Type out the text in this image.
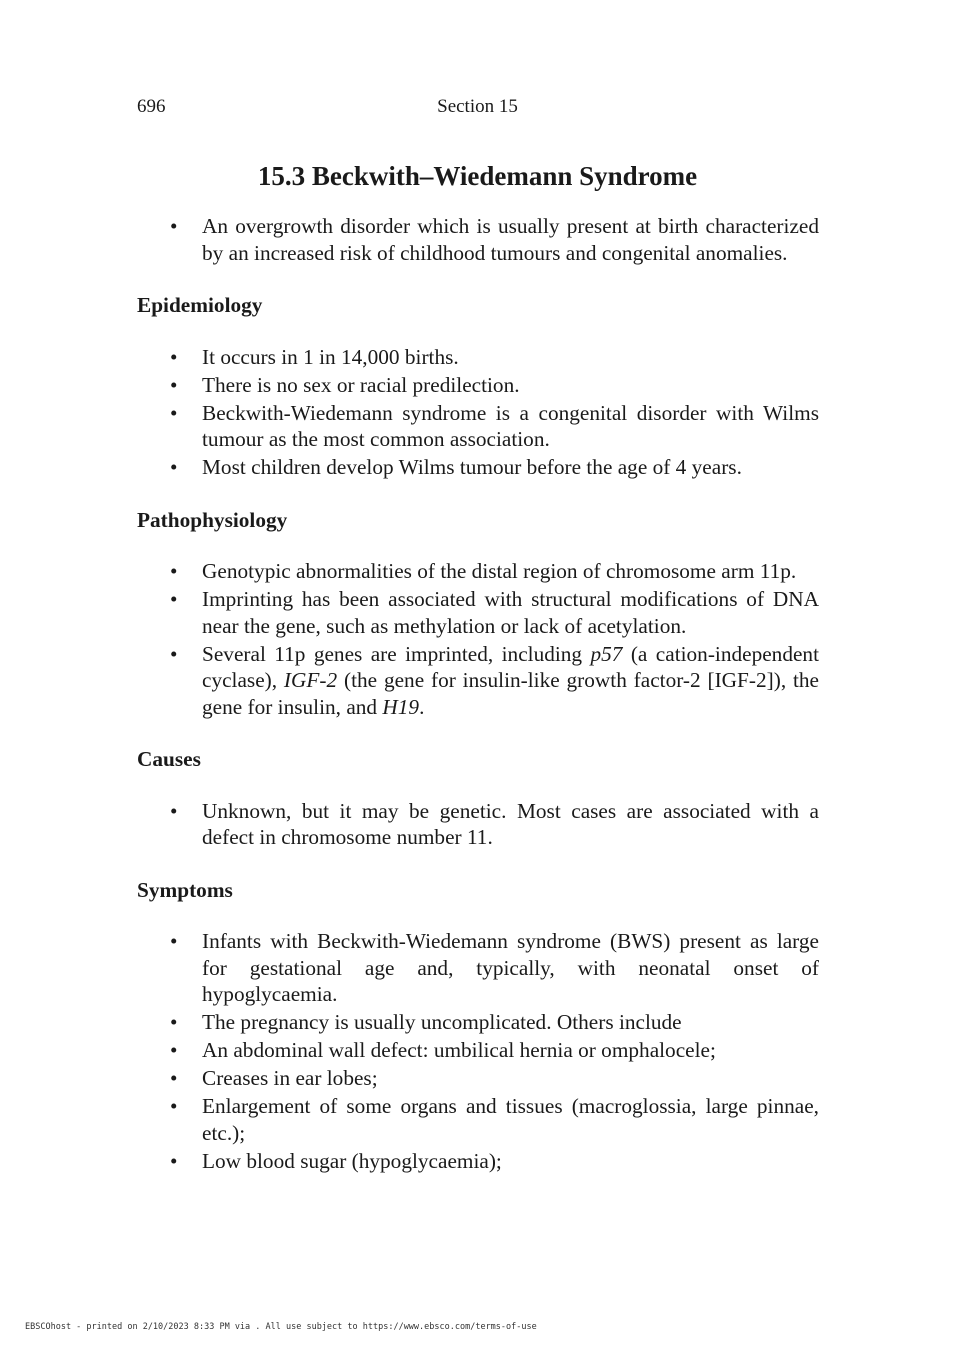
696	Section 15
15.3 Beckwith–Wiedemann Syndrome
• An overgrowth disorder which is usually present at birth characterized by an increased risk of childhood tumours and congenital anomalies.
Epidemiology
• It occurs in 1 in 14,000 births.
• There is no sex or racial predilection.
• Beckwith-Wiedemann syndrome is a congenital disorder with Wilms tumour as the most common association.
• Most children develop Wilms tumour before the age of 4 years.
Pathophysiology
• Genotypic abnormalities of the distal region of chromosome arm 11p.
• Imprinting has been associated with structural modifications of DNA near the gene, such as methylation or lack of acetylation.
• Several 11p genes are imprinted, including p57 (a cation-independent cyclase), IGF-2 (the gene for insulin-like growth factor-2 [IGF-2]), the gene for insulin, and H19.
Causes
• Unknown, but it may be genetic. Most cases are associated with a defect in chromosome number 11.
Symptoms
• Infants with Beckwith-Wiedemann syndrome (BWS) present as large for gestational age and, typically, with neonatal onset of hypoglycaemia.
• The pregnancy is usually uncomplicated. Others include
• An abdominal wall defect: umbilical hernia or omphalocele;
• Creases in ear lobes;
• Enlargement of some organs and tissues (macroglossia, large pinnae, etc.);
• Low blood sugar (hypoglycaemia);
EBSCOhost - printed on 2/10/2023 8:33 PM via . All use subject to https://www.ebsco.com/terms-of-use
